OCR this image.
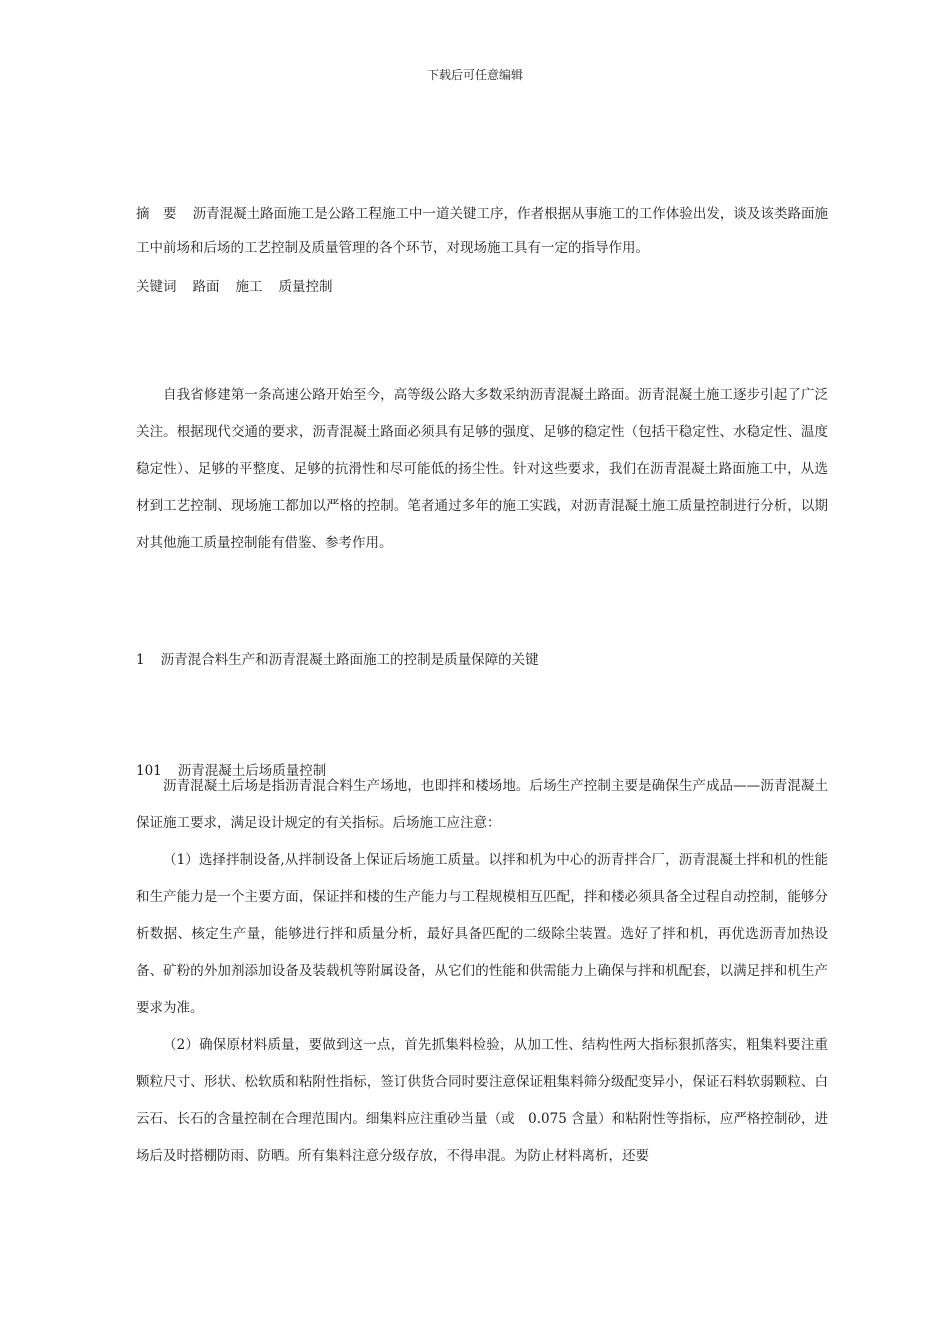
下载后可任意编辑

摘　要 沥青混凝土路面施工是公路工程施工中一道关键工序，作者根据从事施工的工作体验出发，谈及该类路面施工中前场和后场的工艺控制及质量管理的各个环节，对现场施工具有一定的指导作用。

关键词 路面 施工 质量控制

自我省修建第一条高速公路开始至今，高等级公路大多数采纳沥青混凝土路面。沥青混凝土施工逐步引起了广泛关注。根据现代交通的要求，沥青混凝土路面必须具有足够的强度、足够的稳定性（包括干稳定性、水稳定性、温度稳定性）、足够的平整度、足够的抗滑性和尽可能低的扬尘性。针对这些要求，我们在沥青混凝土路面施工中，从选材到工艺控制、现场施工都加以严格的控制。笔者通过多年的施工实践，对沥青混凝土施工质量控制进行分析，以期对其他施工质量控制能有借鉴、参考作用。

1 沥青混合料生产和沥青混凝土路面施工的控制是质量保障的关键
101 沥青混凝土后场质量控制

沥青混凝土后场是指沥青混合料生产场地，也即拌和楼场地。后场生产控制主要是确保生产成品——沥青混凝土保证施工要求，满足设计规定的有关指标。后场施工应注意：

（1）选择拌制设备,从拌制设备上保证后场施工质量。以拌和机为中心的沥青拌合厂，沥青混凝土拌和机的性能和生产能力是一个主要方面，保证拌和楼的生产能力与工程规模相互匹配，拌和楼必须具备全过程自动控制，能够分析数据、核定生产量，能够进行拌和质量分析，最好具备匹配的二级除尘装置。选好了拌和机，再优选沥青加热设备、矿粉的外加剂添加设备及装载机等附属设备，从它们的性能和供需能力上确保与拌和机配套，以满足拌和机生产要求为准。

（2）确保原材料质量，要做到这一点，首先抓集料检验，从加工性、结构性两大指标狠抓落实，粗集料要注重颗粒尺寸、形状、松软质和粘附性指标，签订供货合同时要注意保证粗集料筛分级配变异小，保证石料软弱颗粒、白云石、长石的含量控制在合理范围内。细集料应注重砂当量（或　0.075 含量）和粘附性等指标，应严格控制砂，进场后及时搭棚防雨、防晒。所有集料注意分级存放，不得串混。为防止材料离析，还要
